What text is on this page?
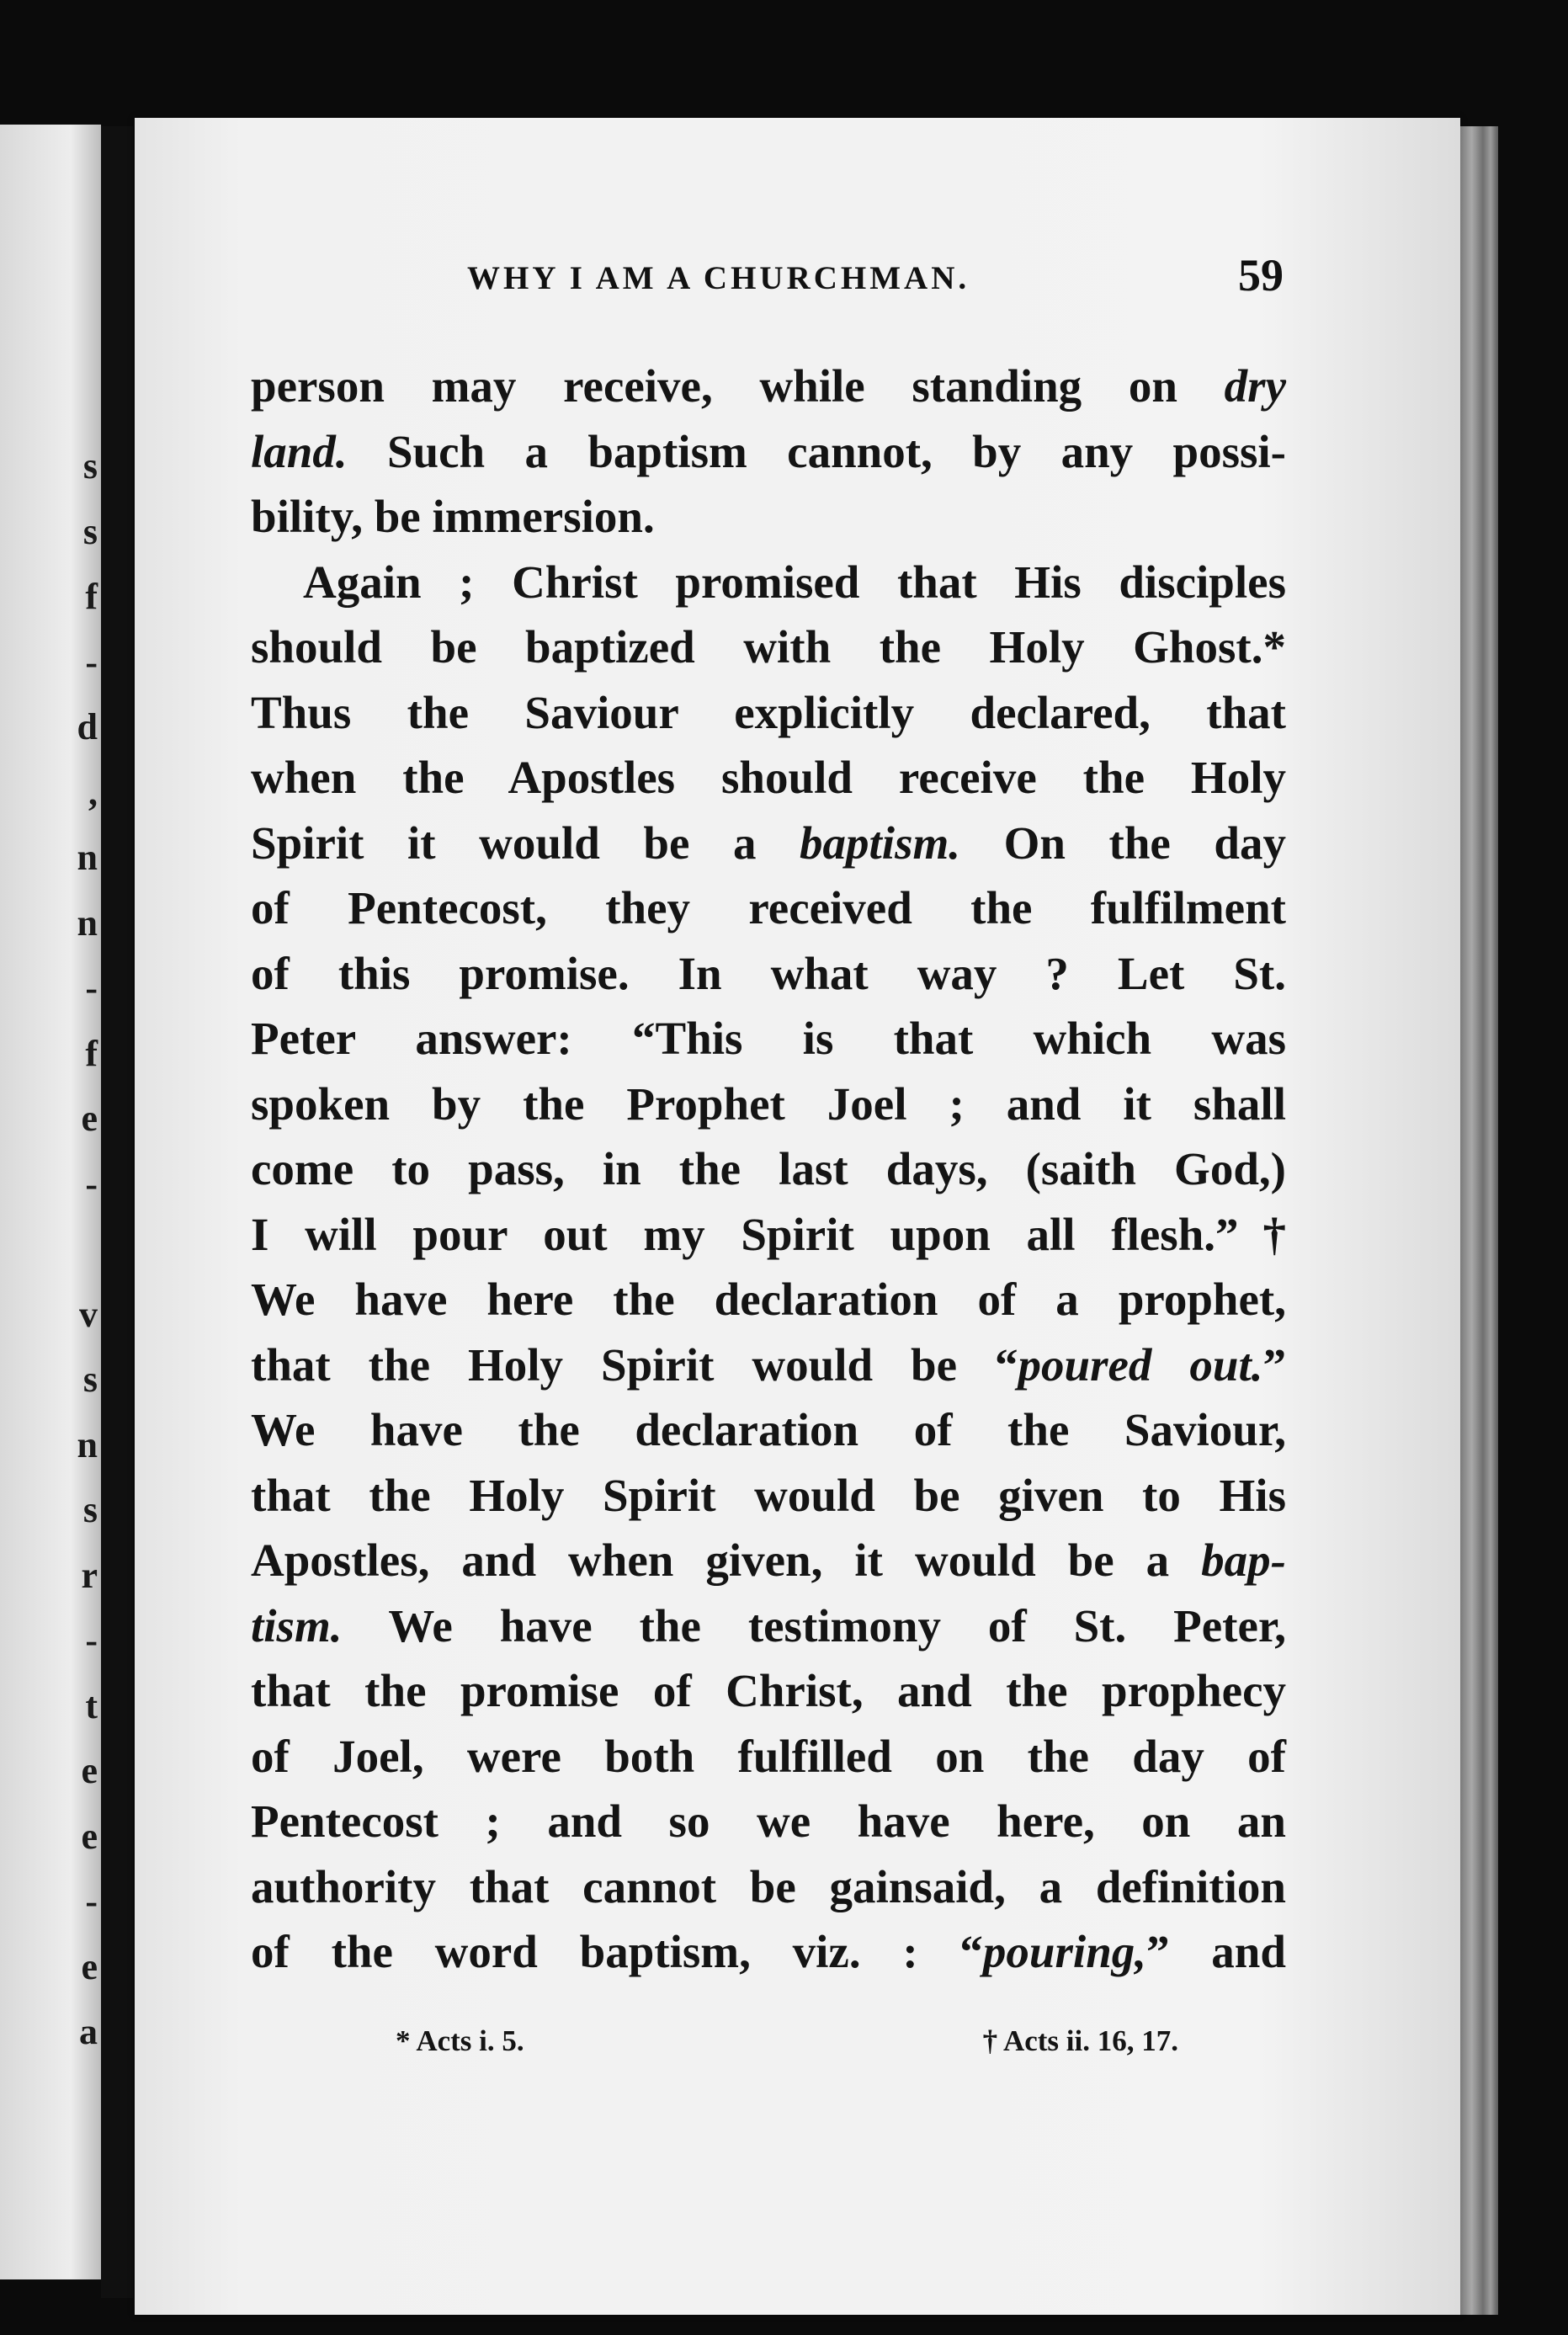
s
s
f
-
d
,
n
n
-
f
e
-
v
s
n
s
r
-
t
e
e
-
e
a
WHY I AM A CHURCHMAN.	59
person may receive, while standing on dry
land. Such a baptism cannot, by any possi-
bility, be immersion.
Again ; Christ promised that His disciples
should be baptized with the Holy Ghost.*
Thus the Saviour explicitly declared, that
when the Apostles should receive the Holy
Spirit it would be a baptism. On the day
of Pentecost, they received the fulfilment
of this promise. In what way ? Let St.
Peter answer: “This is that which was
spoken by the Prophet Joel ; and it shall
come to pass, in the last days, (saith God,)
I will pour out my Spirit upon all flesh.”†
We have here the declaration of a prophet,
that the Holy Spirit would be “poured out.”
We have the declaration of the Saviour,
that the Holy Spirit would be given to His
Apostles, and when given, it would be a bap-
tism. We have the testimony of St. Peter,
that the promise of Christ, and the prophecy
of Joel, were both fulfilled on the day of
Pentecost ; and so we have here, on an
authority that cannot be gainsaid, a definition
of the word baptism, viz. : “pouring,” and
* Acts i. 5.	† Acts ii. 16, 17.
